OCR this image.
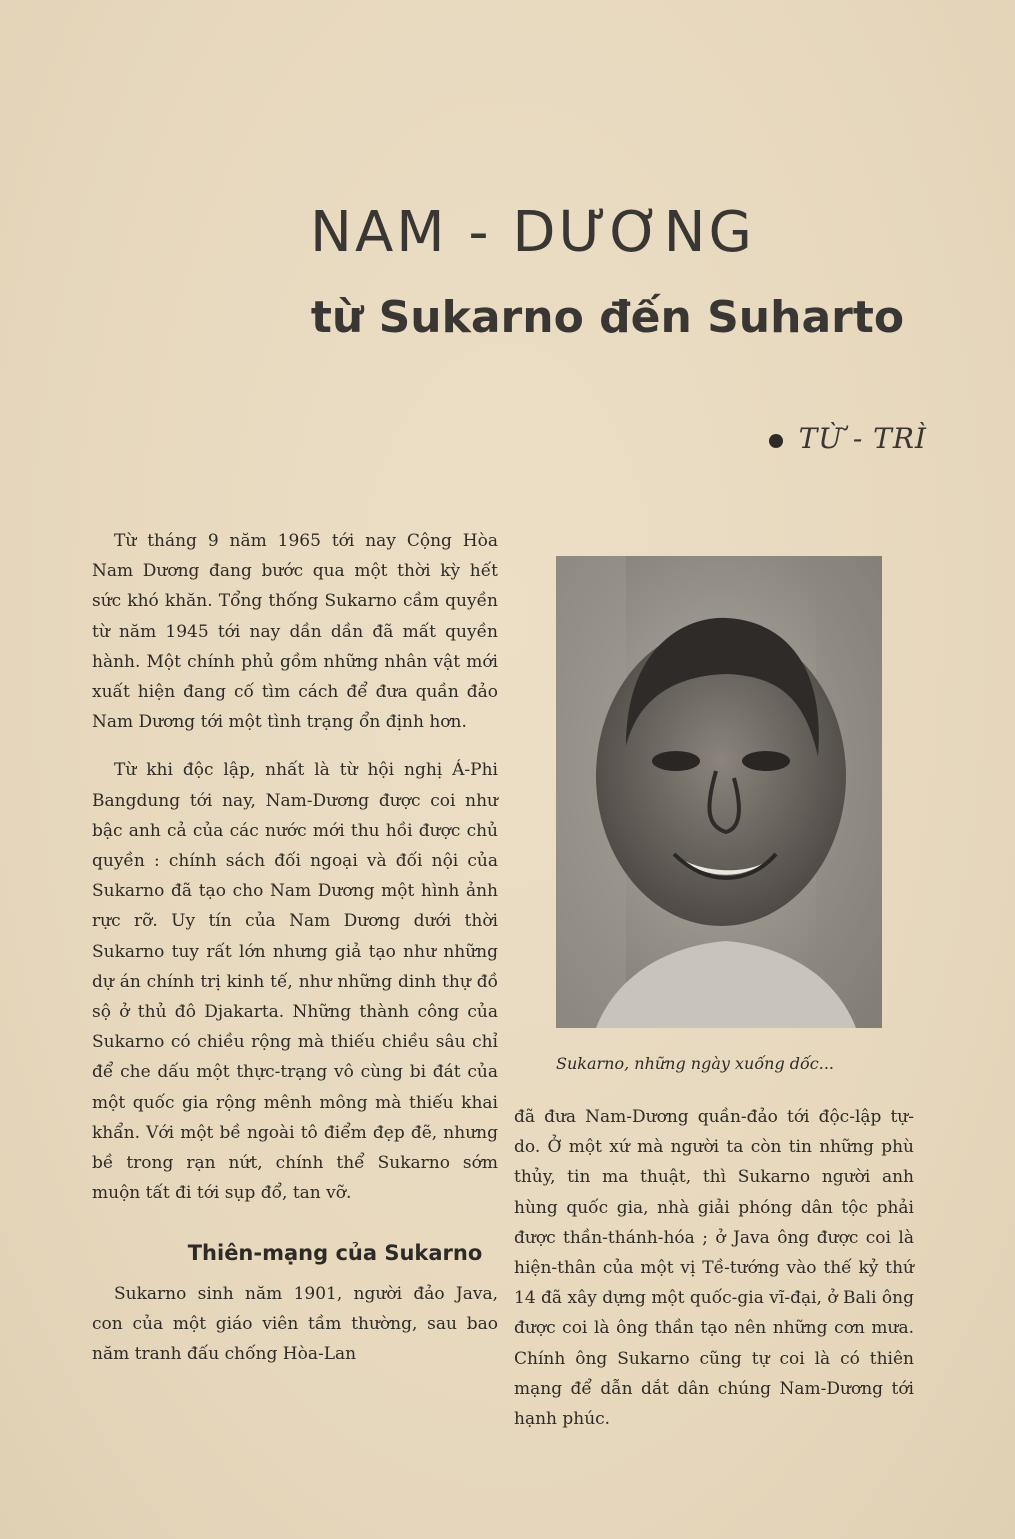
NAM - DƯƠNG
từ Sukarno đến Suharto
TỪ - TRÌ

Từ tháng 9 năm 1965 tới nay Cộng Hòa Nam Dương đang bước qua một thời kỳ hết sức khó khăn. Tổng thống Sukarno cầm quyền từ năm 1945 tới nay dần dần đã mất quyền hành. Một chính phủ gồm những nhân vật mới xuất hiện đang cố tìm cách để đưa quần đảo Nam Dương tới một tình trạng ổn định hơn.

Từ khi độc lập, nhất là từ hội nghị Á-Phi Bangdung tới nay, Nam-Dương được coi như bậc anh cả của các nước mới thu hồi được chủ quyền : chính sách đối ngoại và đối nội của Sukarno đã tạo cho Nam Dương một hình ảnh rực rỡ. Uy tín của Nam Dương dưới thời Sukarno tuy rất lớn nhưng giả tạo như những dự án chính trị kinh tế, như những dinh thự đồ sộ ở thủ đô Djakarta. Những thành công của Sukarno có chiều rộng mà thiếu chiều sâu chỉ để che dấu một thực-trạng vô cùng bi đát của một quốc gia rộng mênh mông mà thiếu khai khẩn. Với một bề ngoài tô điểm đẹp đẽ, nhưng bề trong rạn nứt, chính thể Sukarno sớm muộn tất đi tới sụp đổ, tan vỡ.

Thiên-mạng của Sukarno

Sukarno sinh năm 1901, người đảo Java, con của một giáo viên tầm thường, sau bao năm tranh đấu chống Hòa-Lan

Sukarno, những ngày xuống dốc...

đã đưa Nam-Dương quần-đảo tới độc-lập tự-do. Ở một xứ mà người ta còn tin những phù thủy, tin ma thuật, thì Sukarno người anh hùng quốc gia, nhà giải phóng dân tộc phải được thần-thánh-hóa ; ở Java ông được coi là hiện-thân của một vị Tề-tướng vào thế kỷ thứ 14 đã xây dựng một quốc-gia vĩ-đại, ở Bali ông được coi là ông thần tạo nên những cơn mưa. Chính ông Sukarno cũng tự coi là có thiên mạng để dẫn dắt dân chúng Nam-Dương tới hạnh phúc.
